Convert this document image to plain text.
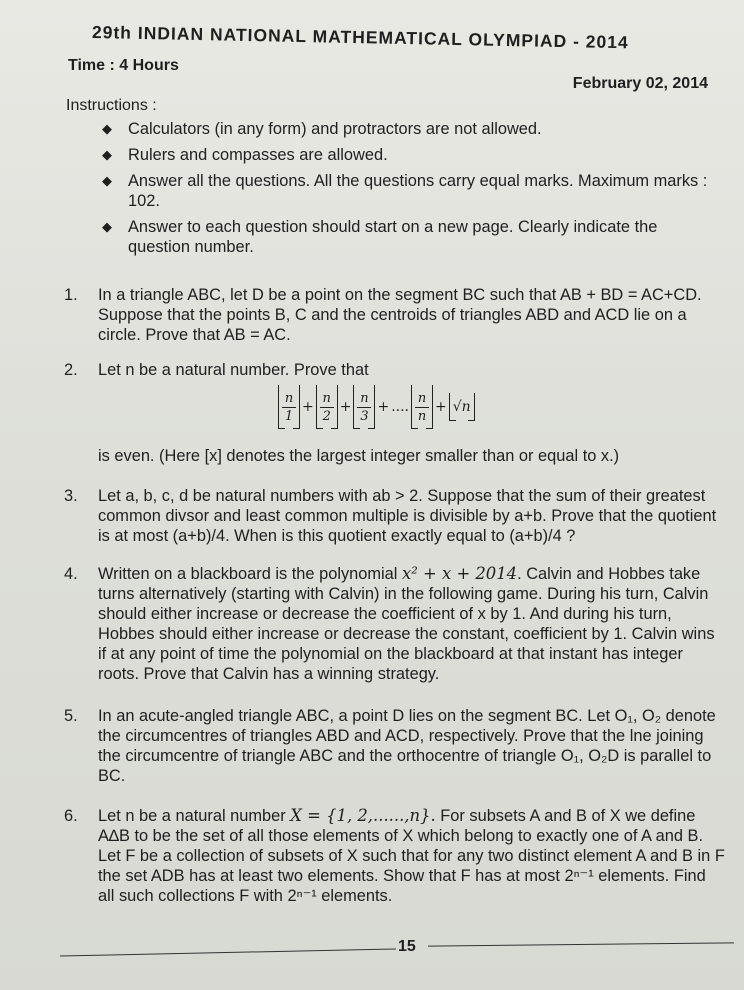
29th INDIAN NATIONAL MATHEMATICAL OLYMPIAD - 2014
Time : 4 Hours
February 02, 2014
Instructions :
◆ Calculators (in any form) and protractors are not allowed.
◆ Rulers and compasses are allowed.
◆ Answer all the questions. All the questions carry equal marks. Maximum marks : 102.
◆ Answer to each question should start on a new page. Clearly indicate the question number.
1.	In a triangle ABC, let D be a point on the segment BC such that AB + BD = AC+CD. Suppose that the points B, C and the centroids of triangles ABD and ACD lie on a circle. Prove that AB = AC.
2.	Let n be a natural number. Prove that
$\frac{n}{1} + \frac{n}{2} + \frac{n}{3}$ + .... $\frac{n}{n} + √n$
is even. (Here [x] denotes the largest integer smaller than or equal to x.)
3.	Let a, b, c, d be natural numbers with ab > 2. Suppose that the sum of their greatest common divsor and least common multiple is divisible by a+b. Prove that the quotient is at most (a+b)/4. When is this quotient exactly equal to (a+b)/4 ?
4.	Written on a blackboard is the polynomial x² + x + 2014. Calvin and Hobbes take turns alternatively (starting with Calvin) in the following game. During his turn, Calvin should either increase or decrease the coefficient of x by 1. And during his turn, Hobbes should either increase or decrease the constant, coefficient by 1. Calvin wins if at any point of time the polynomial on the blackboard at that instant has integer roots. Prove that Calvin has a winning strategy.
5.	In an acute-angled triangle ABC, a point D lies on the segment BC. Let O₁, O₂ denote the circumcentres of triangles ABD and ACD, respectively. Prove that the lne joining the circumcentre of triangle ABC and the orthocentre of triangle O₁, O₂D is parallel to BC.
6.	Let n be a natural number X = {1, 2,......,n}. For subsets A and B of X we define A∆B to be the set of all those elements of X which belong to exactly one of A and B. Let F be a collection of subsets of X such that for any two distinct element A and B in F the set ADB has at least two elements. Show that F has at most 2ⁿ⁻¹ elements. Find all such collections F with 2ⁿ⁻¹ elements.
15
